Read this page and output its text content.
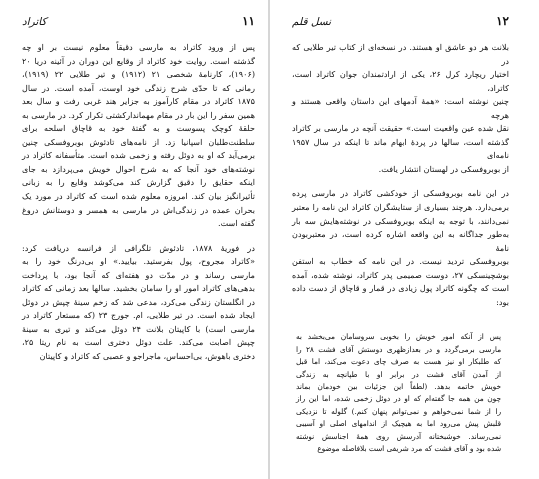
۱۱
کاتراد

پس از ورود کاتراد به مارسی دقیقاً معلوم نیست بر او چه
گذشته است. روایت خود کاتراد از وقایع این دوران در آئینه دریا ۲۰
(۱۹۰۶)، کارنامهٔ شخصی ۲۱ (۱۹۱۲) و تیر طلایی ۲۲ (۱۹۱۹)،
رمانی که تا حدّی شرح زندگی خود اوست، آمده است. در سال
۱۸۷۵ کاتراد در مقام کارآموز به جزایر هند غربی رفت و سال بعد
همین سفر را این بار در مقام مهماندارکشتی تکرار کرد. در مارسی به
حلقهٔ کوچک پسوست و به گفتهٔ خود به قاچاق اسلحه برای
سلطنت‌طلبان اسپانیا زد. از نامه‌های تادئوش بوبروفسکی چنین
برمی‌آید که او به دوئل رفته و زخمی شده است. متأسفانه کاتراد در
نوشته‌های خود آنجا که به شرح احوال خویش می‌پردازد به جای
اینکه حقایق را دقیق گزارش کند می‌کوشد وقایع را به زبانی
تأثیرانگیز بیان کند. امروزه معلوم شده است که کاتراد در مورد یک
بحران عمده در زندگی‌اش در مارسی به همسر و دوستانش دروغ
گفته است.

در فوریهٔ ۱۸۷۸، تادئوش تلگرافی از فرانسه دریافت کرد:
«کاتراد مجروح، پول بفرستید. بیایید.» او بی‌درنگ خود را به
مارسی رساند و در مدّت دو هفته‌ای که آنجا بود، با پرداخت
بدهی‌های کاتراد امور او را سامان بخشید. سالها بعد زمانی که کاتراد
در انگلستان زندگی می‌کرد، مدعی شد که زخم سینهٔ چپش در دوئل
ایجاد شده است. در تیر طلایی، ام. جورج ۲۳ (که مستعار کاتراد در
مارسی است) با کاپیتان بلانت ۲۴ دوئل می‌کند و تیری به سینهٔ
چپش اصابت می‌کند. علت دوئل دختری است به نام ریتا ۲۵،
دختری باهوش، بی‌احساس، ماجراجو و عصبی که کاتراد و کاپیتان

۱۲
نسل قلم

بلانت هر دو عاشق او هستند. در نسخه‌ای از کتاب تیر طلایی که در
اختیار ریچارد کرل ۲۶، یکی از ارادتمندان جوان کاتراد است، کاتراد،
چنین نوشته است: «همهٔ آدمهای این داستان واقعی هستند و هرچه
نقل شده عین واقعیت است.» حقیقت آنچه در مارسی بر کاتراد
گذشته است، سالها در پردهٔ ابهام ماند تا اینکه در سال ۱۹۵۷ نامه‌ای
از بوبروفسکی در لهستان انتشار یافت.

در این نامه بوبروفسکی از خودکشی کاتراد در مارسی پرده
برمی‌دارد. هرچند بسیاری از ستایشگران کاتراد این نامه را معتبر
نمی‌دانند، با توجه به اینکه بوبروفسکی در نوشته‌هایش سه بار
به‌طور جداگانه به این واقعه اشاره کرده است، در معتبربودن نامهٔ
بوبروفسکی تردید نیست. در این نامه که خطاب به استفن
بوشچینسکی ۲۷، دوست صمیمی پدر کاتراد، نوشته شده، آمده
است که چگونه کاتراد پول زیادی در قمار و قاچاق از دست داده بود:

پس از آنکه امور خویش را بخوبی سروسامان می‌بخشد به
مارسی برمی‌گردد و در بعدازظهری دوستش آقای فشت ۲۸ را
که طلبکار او نیز هست به صرف چای دعوت می‌کند، اما قبل
از آمدن آقای فشت در برابر او با طپانچه به زندگی
خویش خاتمه بدهد. (لطفاً این جزئیات بین خودمان بماند
چون من همه جا گفته‌ام که او در دوئل زخمی شده، اما این راز
را از شما نمی‌خواهم و نمی‌توانم پنهان کنم.) گلوله تا نزدیکی
قلبش پیش می‌رود اما به هیچیک از اندامهای اصلی او آسیبی
نمی‌رساند. خوشبختانه آدرسش روی همهٔ اجناسش نوشته
شده بود و آقای فشت که مرد شریفی است بلافاصله موضوع
